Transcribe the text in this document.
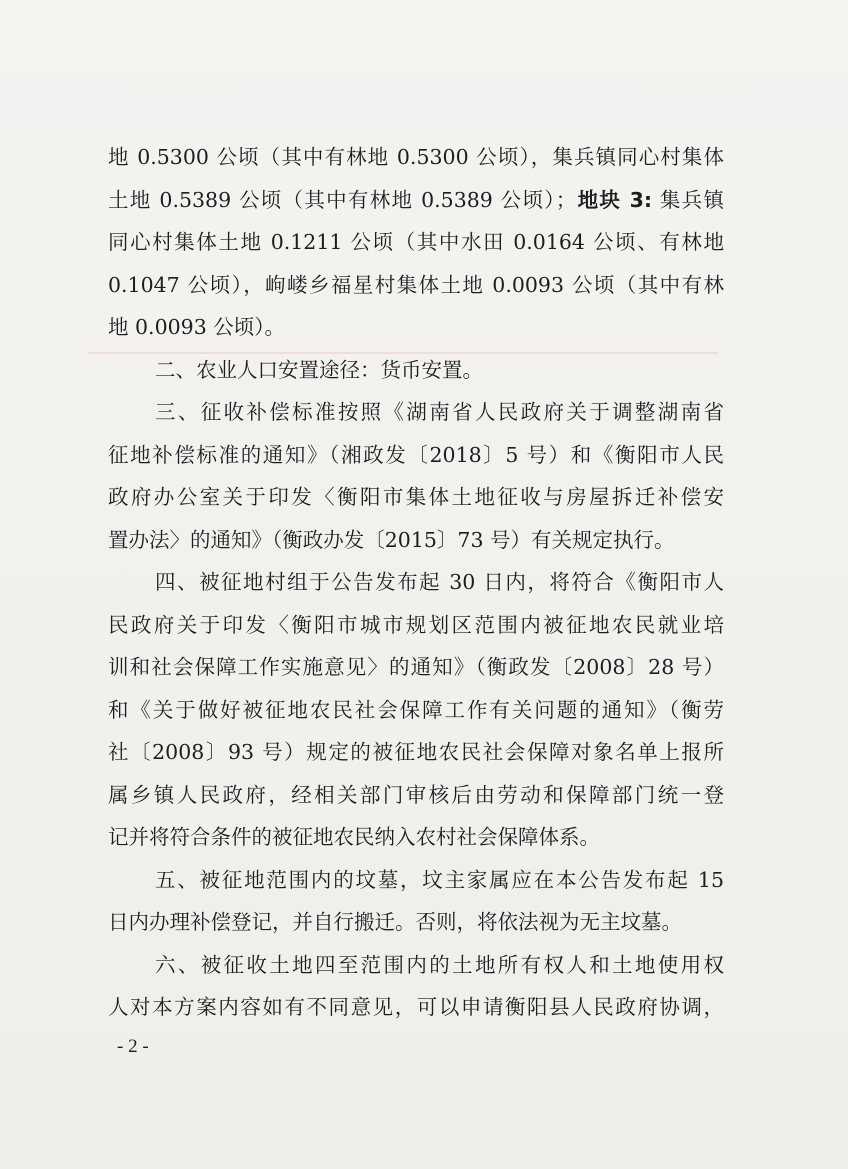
地 0.5300 公顷（其中有林地 0.5300 公顷），集兵镇同心村集体
土地 0.5389 公顷（其中有林地 0.5389 公顷）；地块 3: 集兵镇
同心村集体土地 0.1211 公顷（其中水田 0.0164 公顷、有林地
0.1047 公顷），岣嵝乡福星村集体土地 0.0093 公顷（其中有林
地 0.0093 公顷）。
二、农业人口安置途径：货币安置。
三、征收补偿标准按照《湖南省人民政府关于调整湖南省
征地补偿标准的通知》（湘政发〔2018〕5 号）和《衡阳市人民
政府办公室关于印发〈衡阳市集体土地征收与房屋拆迁补偿安
置办法〉的通知》（衡政办发〔2015〕73 号）有关规定执行。
四、被征地村组于公告发布起 30 日内，将符合《衡阳市人
民政府关于印发〈衡阳市城市规划区范围内被征地农民就业培
训和社会保障工作实施意见〉的通知》（衡政发〔2008〕28 号）
和《关于做好被征地农民社会保障工作有关问题的通知》（衡劳
社〔2008〕93 号）规定的被征地农民社会保障对象名单上报所
属乡镇人民政府，经相关部门审核后由劳动和保障部门统一登
记并将符合条件的被征地农民纳入农村社会保障体系。
五、被征地范围内的坟墓，坟主家属应在本公告发布起 15
日内办理补偿登记，并自行搬迁。否则，将依法视为无主坟墓。
六、被征收土地四至范围内的土地所有权人和土地使用权
人对本方案内容如有不同意见，可以申请衡阳县人民政府协调，
- 2 -
